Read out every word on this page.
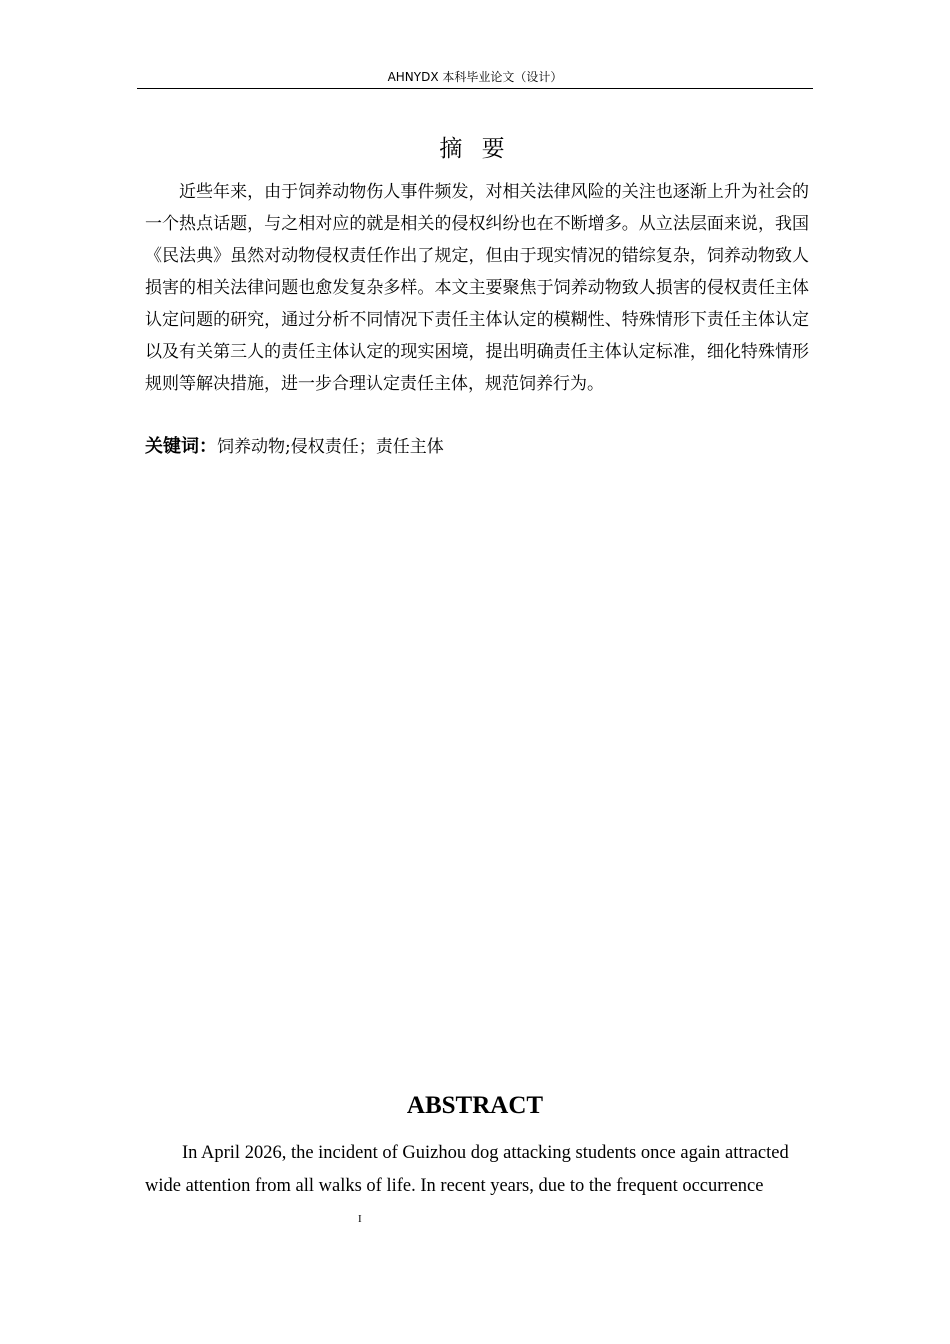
AHNYDX 本科毕业论文（设计）
摘 要

近些年来，由于饲养动物伤人事件频发，对相关法律风险的关注也逐渐上升为社会的一个热点话题，与之相对应的就是相关的侵权纠纷也在不断增多。从立法层面来说，我国《民法典》虽然对动物侵权责任作出了规定，但由于现实情况的错综复杂，饲养动物致人损害的相关法律问题也愈发复杂多样。本文主要聚焦于饲养动物致人损害的侵权责任主体认定问题的研究，通过分析不同情况下责任主体认定的模糊性、特殊情形下责任主体认定以及有关第三人的责任主体认定的现实困境，提出明确责任主体认定标准，细化特殊情形规则等解决措施，进一步合理认定责任主体，规范饲养行为。

关键词：饲养动物;侵权责任；责任主体
ABSTRACT

In April 2026, the incident of Guizhou dog attacking students once again attracted wide attention from all walks of life. In recent years, due to the frequent occurrence

I
